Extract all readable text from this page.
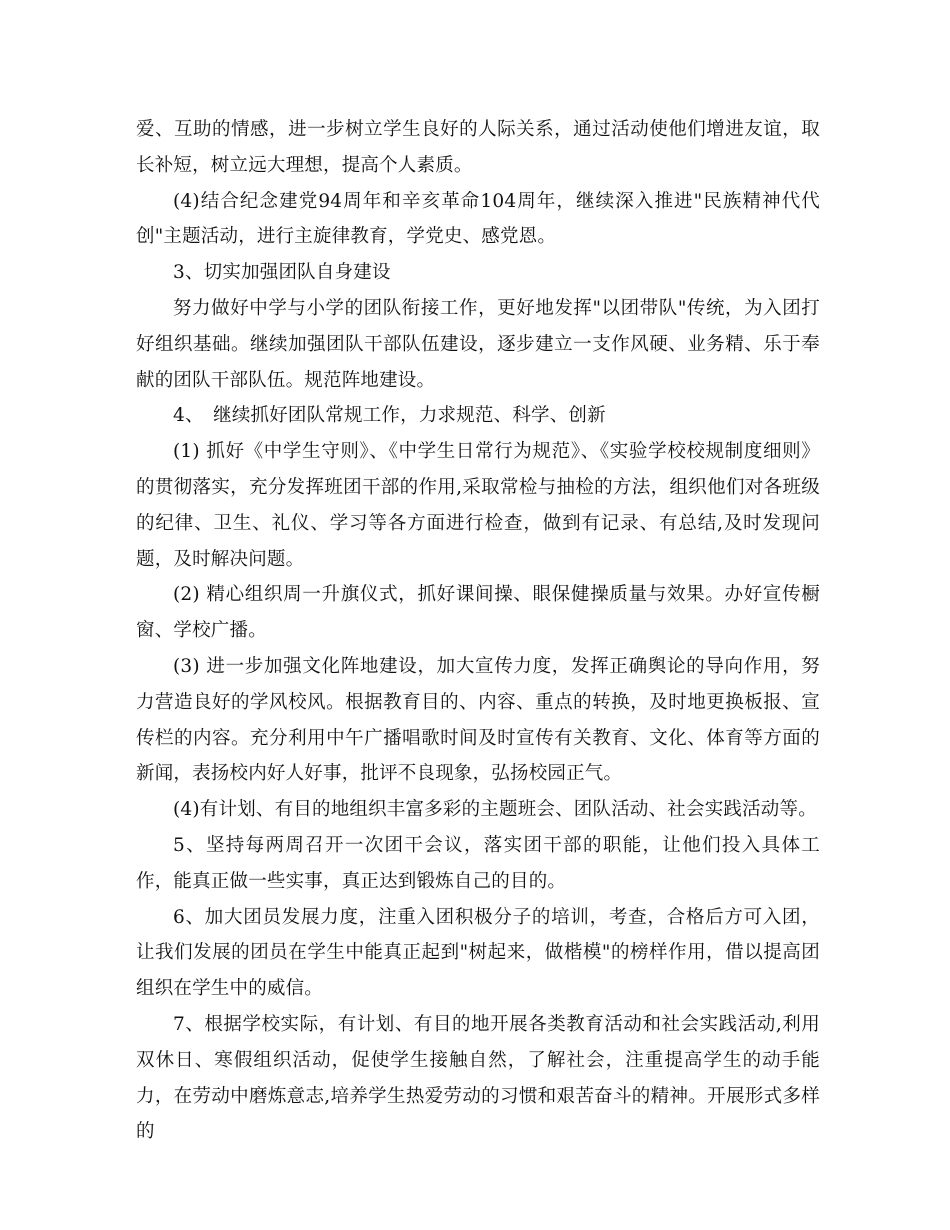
爱、互助的情感，进一步树立学生良好的人际关系，通过活动使他们增进友谊，取长补短，树立远大理想，提高个人素质。

(4)结合纪念建党94周年和辛亥革命104周年，继续深入推进"民族精神代代创"主题活动，进行主旋律教育，学党史、感党恩。

3、切实加强团队自身建设

努力做好中学与小学的团队衔接工作，更好地发挥"以团带队"传统，为入团打好组织基础。继续加强团队干部队伍建设，逐步建立一支作风硬、业务精、乐于奉献的团队干部队伍。规范阵地建设。

4、　继续抓好团队常规工作，力求规范、科学、创新

(1) 抓好《中学生守则》、《中学生日常行为规范》、《实验学校校规制度细则》的贯彻落实，充分发挥班团干部的作用,采取常检与抽检的方法，组织他们对各班级的纪律、卫生、礼仪、学习等各方面进行检查，做到有记录、有总结,及时发现问题，及时解决问题。

(2) 精心组织周一升旗仪式，抓好课间操、眼保健操质量与效果。办好宣传橱窗、学校广播。

(3) 进一步加强文化阵地建设，加大宣传力度，发挥正确舆论的导向作用，努力营造良好的学风校风。根据教育目的、内容、重点的转换，及时地更换板报、宣传栏的内容。充分利用中午广播唱歌时间及时宣传有关教育、文化、体育等方面的新闻，表扬校内好人好事，批评不良现象，弘扬校园正气。

(4)有计划、有目的地组织丰富多彩的主题班会、团队活动、社会实践活动等。

5、坚持每两周召开一次团干会议，落实团干部的职能，让他们投入具体工作，能真正做一些实事，真正达到锻炼自己的目的。

6、加大团员发展力度，注重入团积极分子的培训，考查，合格后方可入团，让我们发展的团员在学生中能真正起到"树起来，做楷模"的榜样作用，借以提高团组织在学生中的威信。

7、根据学校实际，有计划、有目的地开展各类教育活动和社会实践活动,利用双休日、寒假组织活动，促使学生接触自然，了解社会，注重提高学生的动手能力，在劳动中磨炼意志,培养学生热爱劳动的习惯和艰苦奋斗的精神。开展形式多样的
